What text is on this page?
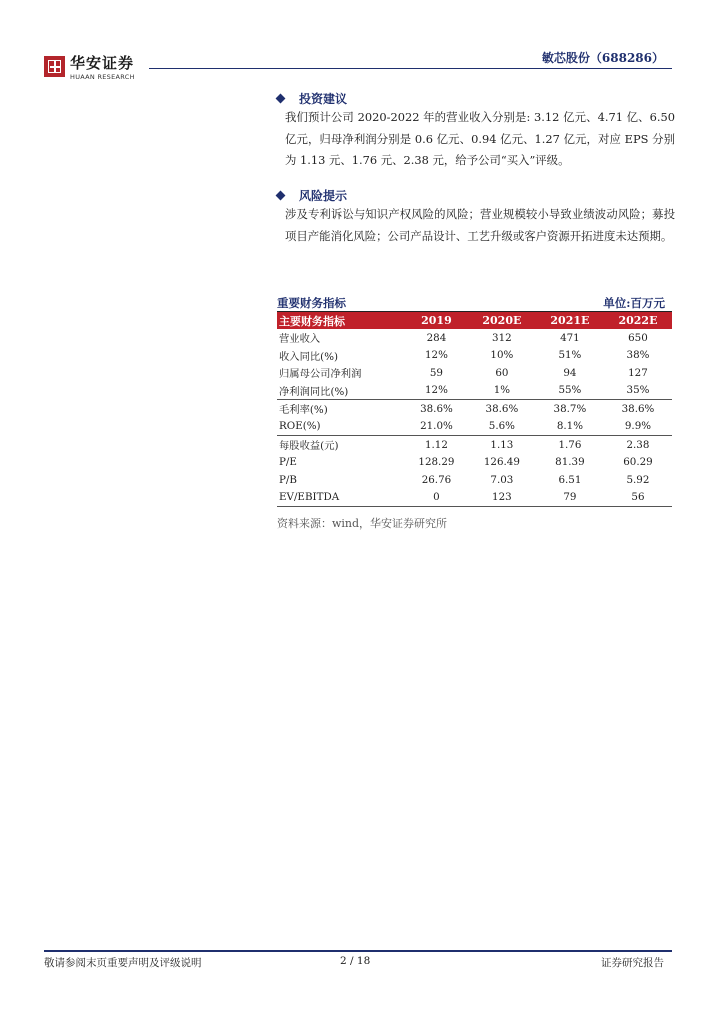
华安证券
HUAAN RESEARCH
敏芯股份（688286）
投资建议
我们预计公司 2020-2022 年的营业收入分别是: 3.12 亿元、4.71 亿、6.50 亿元，归母净利润分别是 0.6 亿元、0.94 亿元、1.27 亿元，对应 EPS 分别为 1.13 元、1.76 元、2.38 元，给予公司“买入”评级。
风险提示
涉及专利诉讼与知识产权风险的风险；营业规模较小导致业绩波动风险；募投项目产能消化风险；公司产品设计、工艺升级或客户资源开拓进度未达预期。
重要财务指标	单位:百万元
主要财务指标	2019	2020E	2021E	2022E
营业收入	284	312	471	650
收入同比(%)	12%	10%	51%	38%
归属母公司净利润	59	60	94	127
净利润同比(%)	12%	1%	55%	35%
毛利率(%)	38.6%	38.6%	38.7%	38.6%
ROE(%)	21.0%	5.6%	8.1%	9.9%
每股收益(元)	1.12	1.13	1.76	2.38
P/E	128.29	126.49	81.39	60.29
P/B	26.76	7.03	6.51	5.92
EV/EBITDA	0	123	79	56
资料来源：wind，华安证券研究所
敬请参阅末页重要声明及评级说明	2 / 18	证券研究报告
